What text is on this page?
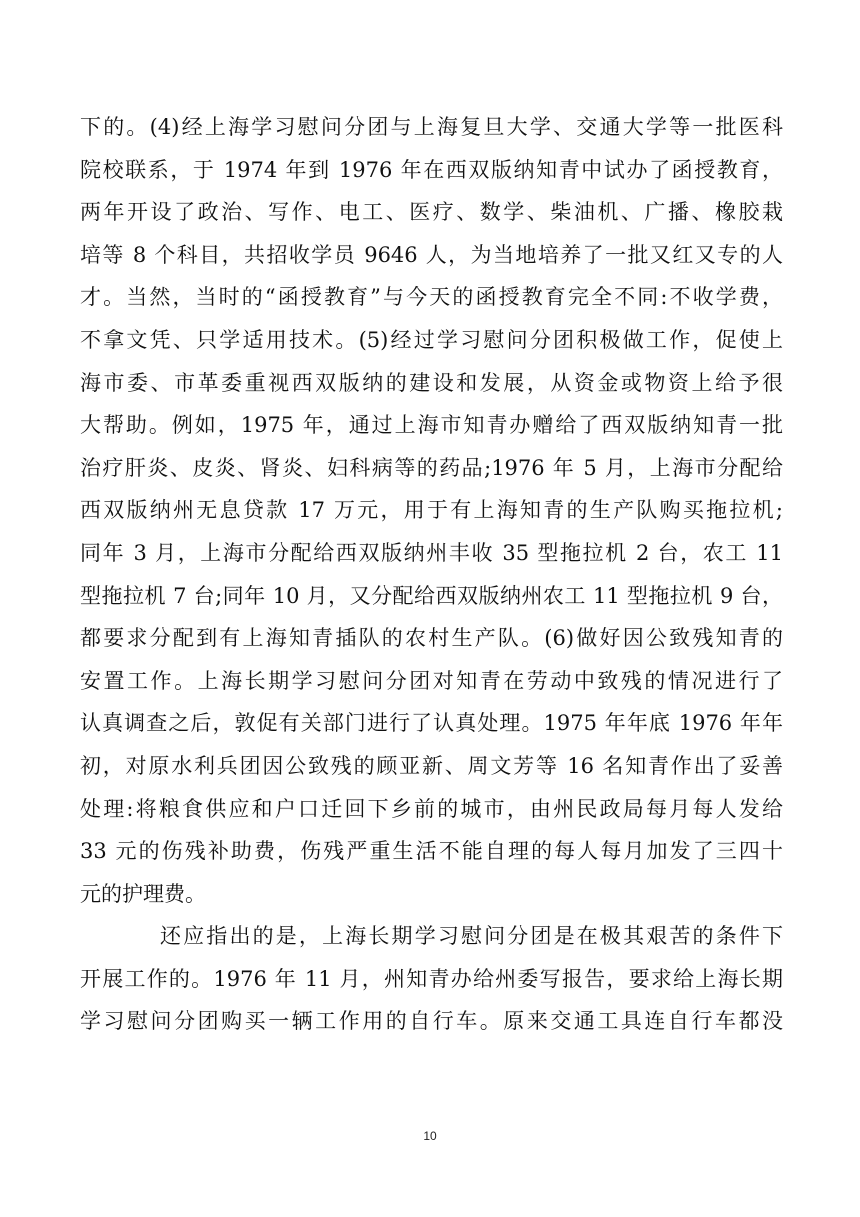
下的。(4)经上海学习慰问分团与上海复旦大学、交通大学等一批医科
院校联系，于 1974 年到 1976 年在西双版纳知青中试办了函授教育，
两年开设了政治、写作、电工、医疗、数学、柴油机、广播、橡胶栽
培等 8 个科目，共招收学员 9646 人，为当地培养了一批又红又专的人
才。当然，当时的“函授教育”与今天的函授教育完全不同:不收学费，
不拿文凭、只学适用技术。(5)经过学习慰问分团积极做工作，促使上
海市委、市革委重视西双版纳的建设和发展，从资金或物资上给予很
大帮助。例如，1975 年，通过上海市知青办赠给了西双版纳知青一批
治疗肝炎、皮炎、肾炎、妇科病等的药品;1976 年 5 月，上海市分配给
西双版纳州无息贷款 17 万元，用于有上海知青的生产队购买拖拉机;
同年 3 月，上海市分配给西双版纳州丰收 35 型拖拉机 2 台，农工 11
型拖拉机 7 台;同年 10 月，又分配给西双版纳州农工 11 型拖拉机 9 台，
都要求分配到有上海知青插队的农村生产队。(6)做好因公致残知青的
安置工作。上海长期学习慰问分团对知青在劳动中致残的情况进行了
认真调查之后，敦促有关部门进行了认真处理。1975 年年底 1976 年年
初，对原水利兵团因公致残的顾亚新、周文芳等 16 名知青作出了妥善
处理:将粮食供应和户口迁回下乡前的城市，由州民政局每月每人发给
33 元的伤残补助费，伤残严重生活不能自理的每人每月加发了三四十
元的护理费。
还应指出的是，上海长期学习慰问分团是在极其艰苦的条件下
开展工作的。1976 年 11 月，州知青办给州委写报告，要求给上海长期
学习慰问分团购买一辆工作用的自行车。原来交通工具连自行车都没
10
